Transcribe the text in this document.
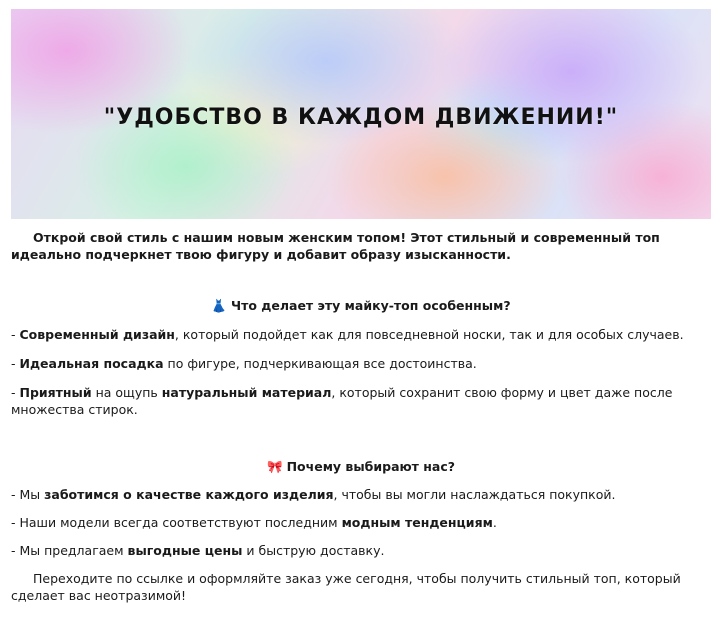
"УДОБСТВО В КАЖДОМ ДВИЖЕНИИ!"

Открой свой стиль с нашим новым женским топом! Этот стильный и современный топ идеально подчеркнет твою фигуру и добавит образу изысканности.

👗 Что делает эту майку-топ особенным?

- Современный дизайн, который подойдет как для повседневной носки, так и для особых случаев.

- Идеальная посадка по фигуре, подчеркивающая все достоинства.

- Приятный на ощупь натуральный материал, который сохранит свою форму и цвет даже после множества стирок.

🎀 Почему выбирают нас?

- Мы заботимся о качестве каждого изделия, чтобы вы могли наслаждаться покупкой.

- Наши модели всегда соответствуют последним модным тенденциям.

- Мы предлагаем выгодные цены и быструю доставку.

Переходите по ссылке и оформляйте заказ уже сегодня, чтобы получить стильный топ, который сделает вас неотразимой!
